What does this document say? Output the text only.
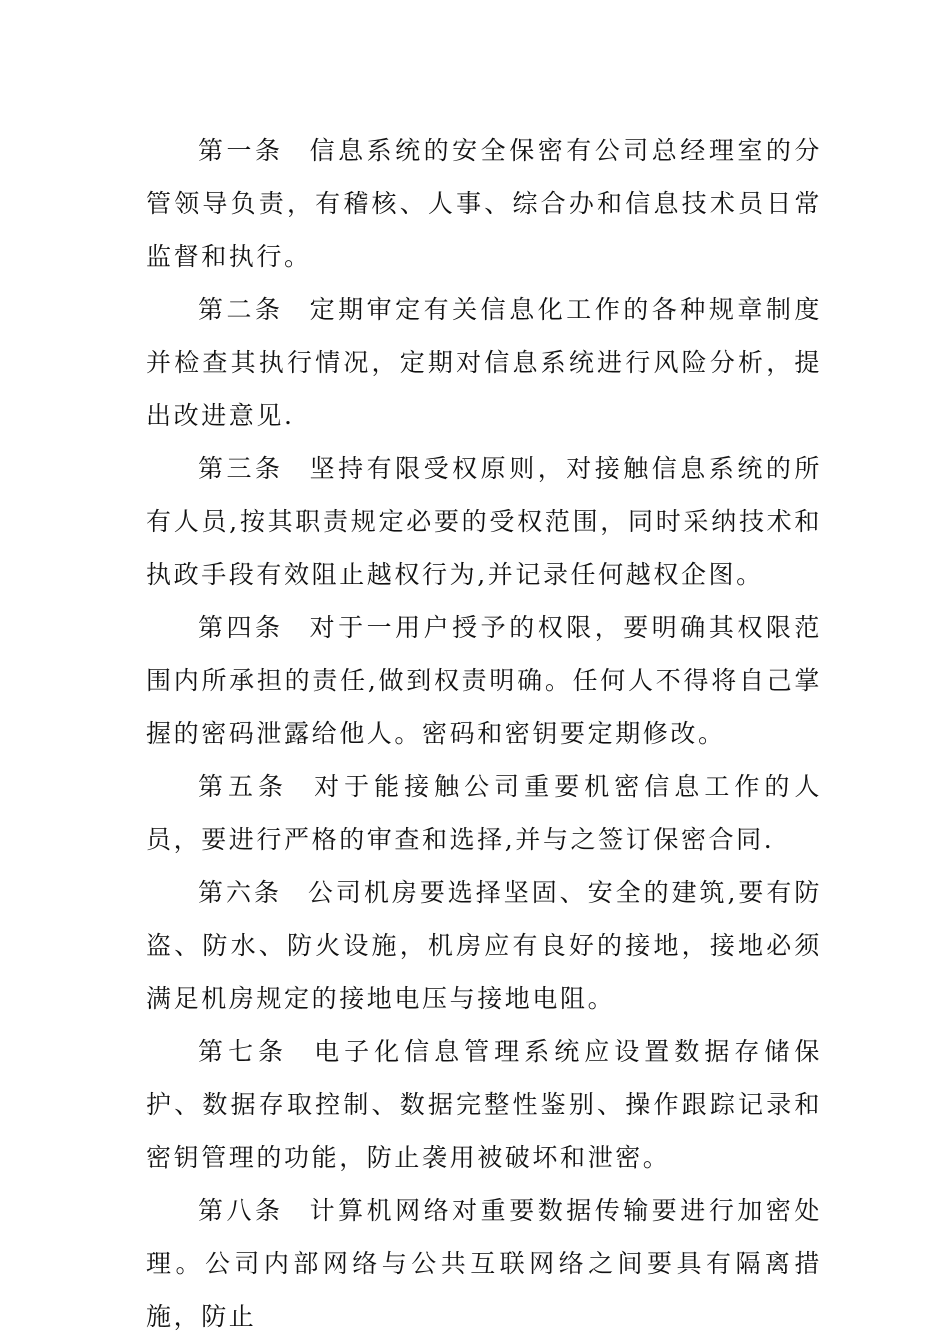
第一条 信息系统的安全保密有公司总经理室的分管领导负责，有稽核、人事、综合办和信息技术员日常监督和执行。

第二条 定期审定有关信息化工作的各种规章制度并检查其执行情况，定期对信息系统进行风险分析，提出改进意见.

第三条 坚持有限受权原则，对接触信息系统的所有人员,按其职责规定必要的受权范围，同时采纳技术和执政手段有效阻止越权行为,并记录任何越权企图。

第四条 对于一用户授予的权限，要明确其权限范围内所承担的责任,做到权责明确。任何人不得将自己掌握的密码泄露给他人。密码和密钥要定期修改。

第五条 对于能接触公司重要机密信息工作的人员，要进行严格的审查和选择,并与之签订保密合同.

第六条 公司机房要选择坚固、安全的建筑,要有防盗、防水、防火设施，机房应有良好的接地，接地必须满足机房规定的接地电压与接地电阻。

第七条 电子化信息管理系统应设置数据存储保护、数据存取控制、数据完整性鉴别、操作跟踪记录和密钥管理的功能，防止袭用被破坏和泄密。

第八条 计算机网络对重要数据传输要进行加密处理。公司内部网络与公共互联网络之间要具有隔离措施，防止
